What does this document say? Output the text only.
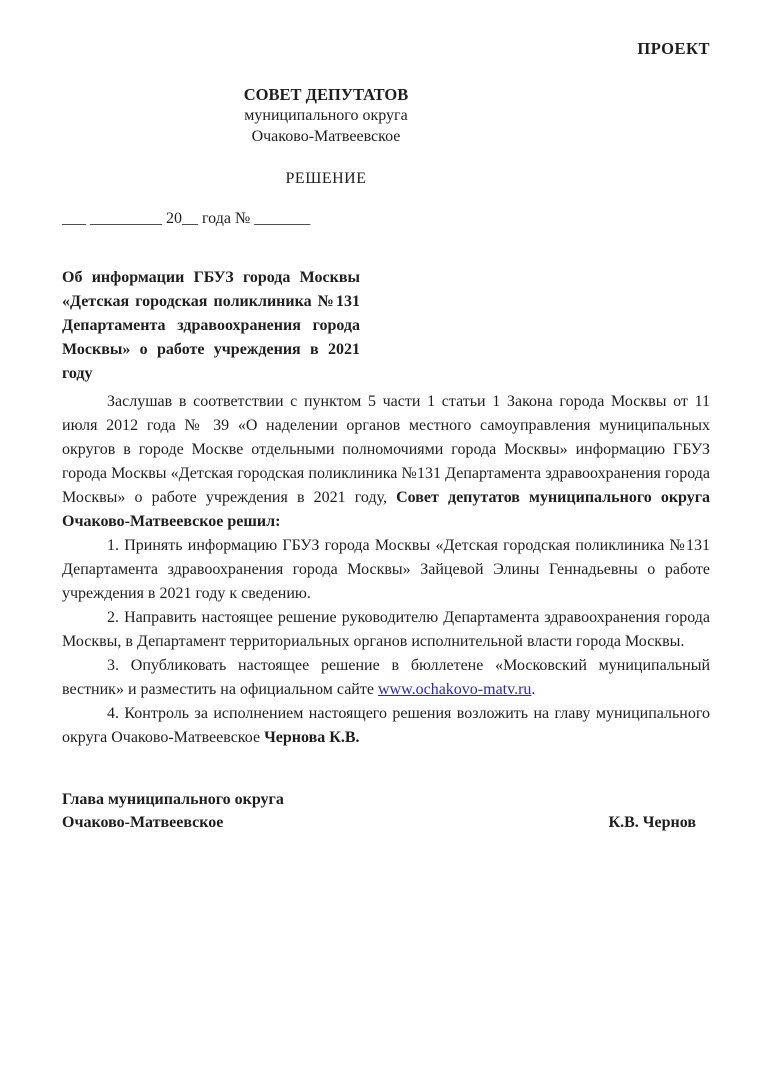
ПРОЕКТ
СОВЕТ ДЕПУТАТОВ
муниципального округа
Очаково-Матвеевское
РЕШЕНИЕ
___ _________ 20__ года № _______
Об информации ГБУЗ города Москвы «Детская городская поликлиника №131 Департамента здравоохранения города Москвы» о работе учреждения в 2021 году

Заслушав в соответствии с пунктом 5 части 1 статьи 1 Закона города Москвы от 11 июля 2012 года № 39 «О наделении органов местного самоуправления муниципальных округов в городе Москве отдельными полномочиями города Москвы» информацию ГБУЗ города Москвы «Детская городская поликлиника №131 Департамента здравоохранения города Москвы» о работе учреждения в 2021 году, Совет депутатов муниципального округа Очаково-Матвеевское решил:

1. Принять информацию ГБУЗ города Москвы «Детская городская поликлиника №131 Департамента здравоохранения города Москвы» Зайцевой Элины Геннадьевны о работе учреждения в 2021 году к сведению.

2. Направить настоящее решение руководителю Департамента здравоохранения города Москвы, в Департамент территориальных органов исполнительной власти города Москвы.

3. Опубликовать настоящее решение в бюллетене «Московский муниципальный вестник» и разместить на официальном сайте www.ochakovo-matv.ru.

4. Контроль за исполнением настоящего решения возложить на главу муниципального округа Очаково-Матвеевское Чернова К.В.

Глава муниципального округа
Очаково-Матвеевское	К.В. Чернов
